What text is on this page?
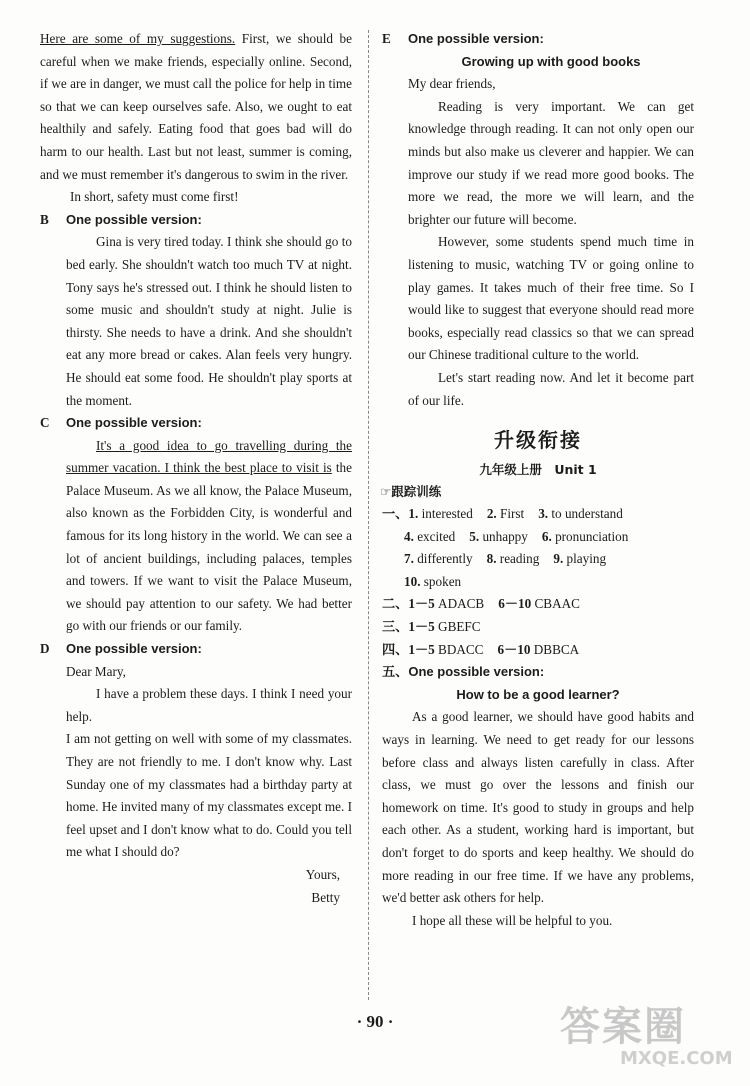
Here are some of my suggestions. First, we should be careful when we make friends, especially online. Second, if we are in danger, we must call the police for help in time so that we can keep ourselves safe. Also, we ought to eat healthily and safely. Eating food that goes bad will do harm to our health. Last but not least, summer is coming, and we must remember it's dangerous to swim in the river.

In short, safety must come first!

B One possible version:

Gina is very tired today. I think she should go to bed early. She shouldn't watch too much TV at night. Tony says he's stressed out. I think he should listen to some music and shouldn't study at night. Julie is thirsty. She needs to have a drink. And she shouldn't eat any more bread or cakes. Alan feels very hungry. He should eat some food. He shouldn't play sports at the moment.

C One possible version:

It's a good idea to go travelling during the summer vacation. I think the best place to visit is the Palace Museum. As we all know, the Palace Museum, also known as the Forbidden City, is wonderful and famous for its long history in the world. We can see a lot of ancient buildings, including palaces, temples and towers. If we want to visit the Palace Museum, we should pay attention to our safety. We had better go with our friends or our family.

D One possible version:

Dear Mary,

I have a problem these days. I think I need your help.

I am not getting on well with some of my classmates. They are not friendly to me. I don't know why. Last Sunday one of my classmates had a birthday party at home. He invited many of my classmates except me. I feel upset and I don't know what to do. Could you tell me what I should do?

Yours,

Betty

E One possible version:
Growing up with good books

My dear friends,

Reading is very important. We can get knowledge through reading. It can not only open our minds but also make us cleverer and happier. We can improve our study if we read more good books. The more we read, the more we will learn, and the brighter our future will become.

However, some students spend much time in listening to music, watching TV or going online to play games. It takes much of their free time. So I would like to suggest that everyone should read more books, especially read classics so that we can spread our Chinese traditional culture to the world.

Let's start reading now. And let it become part of our life.

升级衔接
九年级上册　Unit 1
☞跟踪训练
一、1. interested 2. First 3. to understand
4. excited 5. unhappy 6. pronunciation
7. differently 8. reading 9. playing
10. spoken
二、1－5 ADACB 6－10 CBAAC
三、1－5 GBEFC
四、1－5 BDACC 6－10 DBBCA
五、One possible version:
How to be a good learner?

As a good learner, we should have good habits and ways in learning. We need to get ready for our lessons before class and always listen carefully in class. After class, we must go over the lessons and finish our homework on time. It's good to study in groups and help each other. As a student, working hard is important, but don't forget to do sports and keep healthy. We should do more reading in our free time. If we have any problems, we'd better ask others for help.

I hope all these will be helpful to you.

· 90 ·	答案圈
MXQE.COM
